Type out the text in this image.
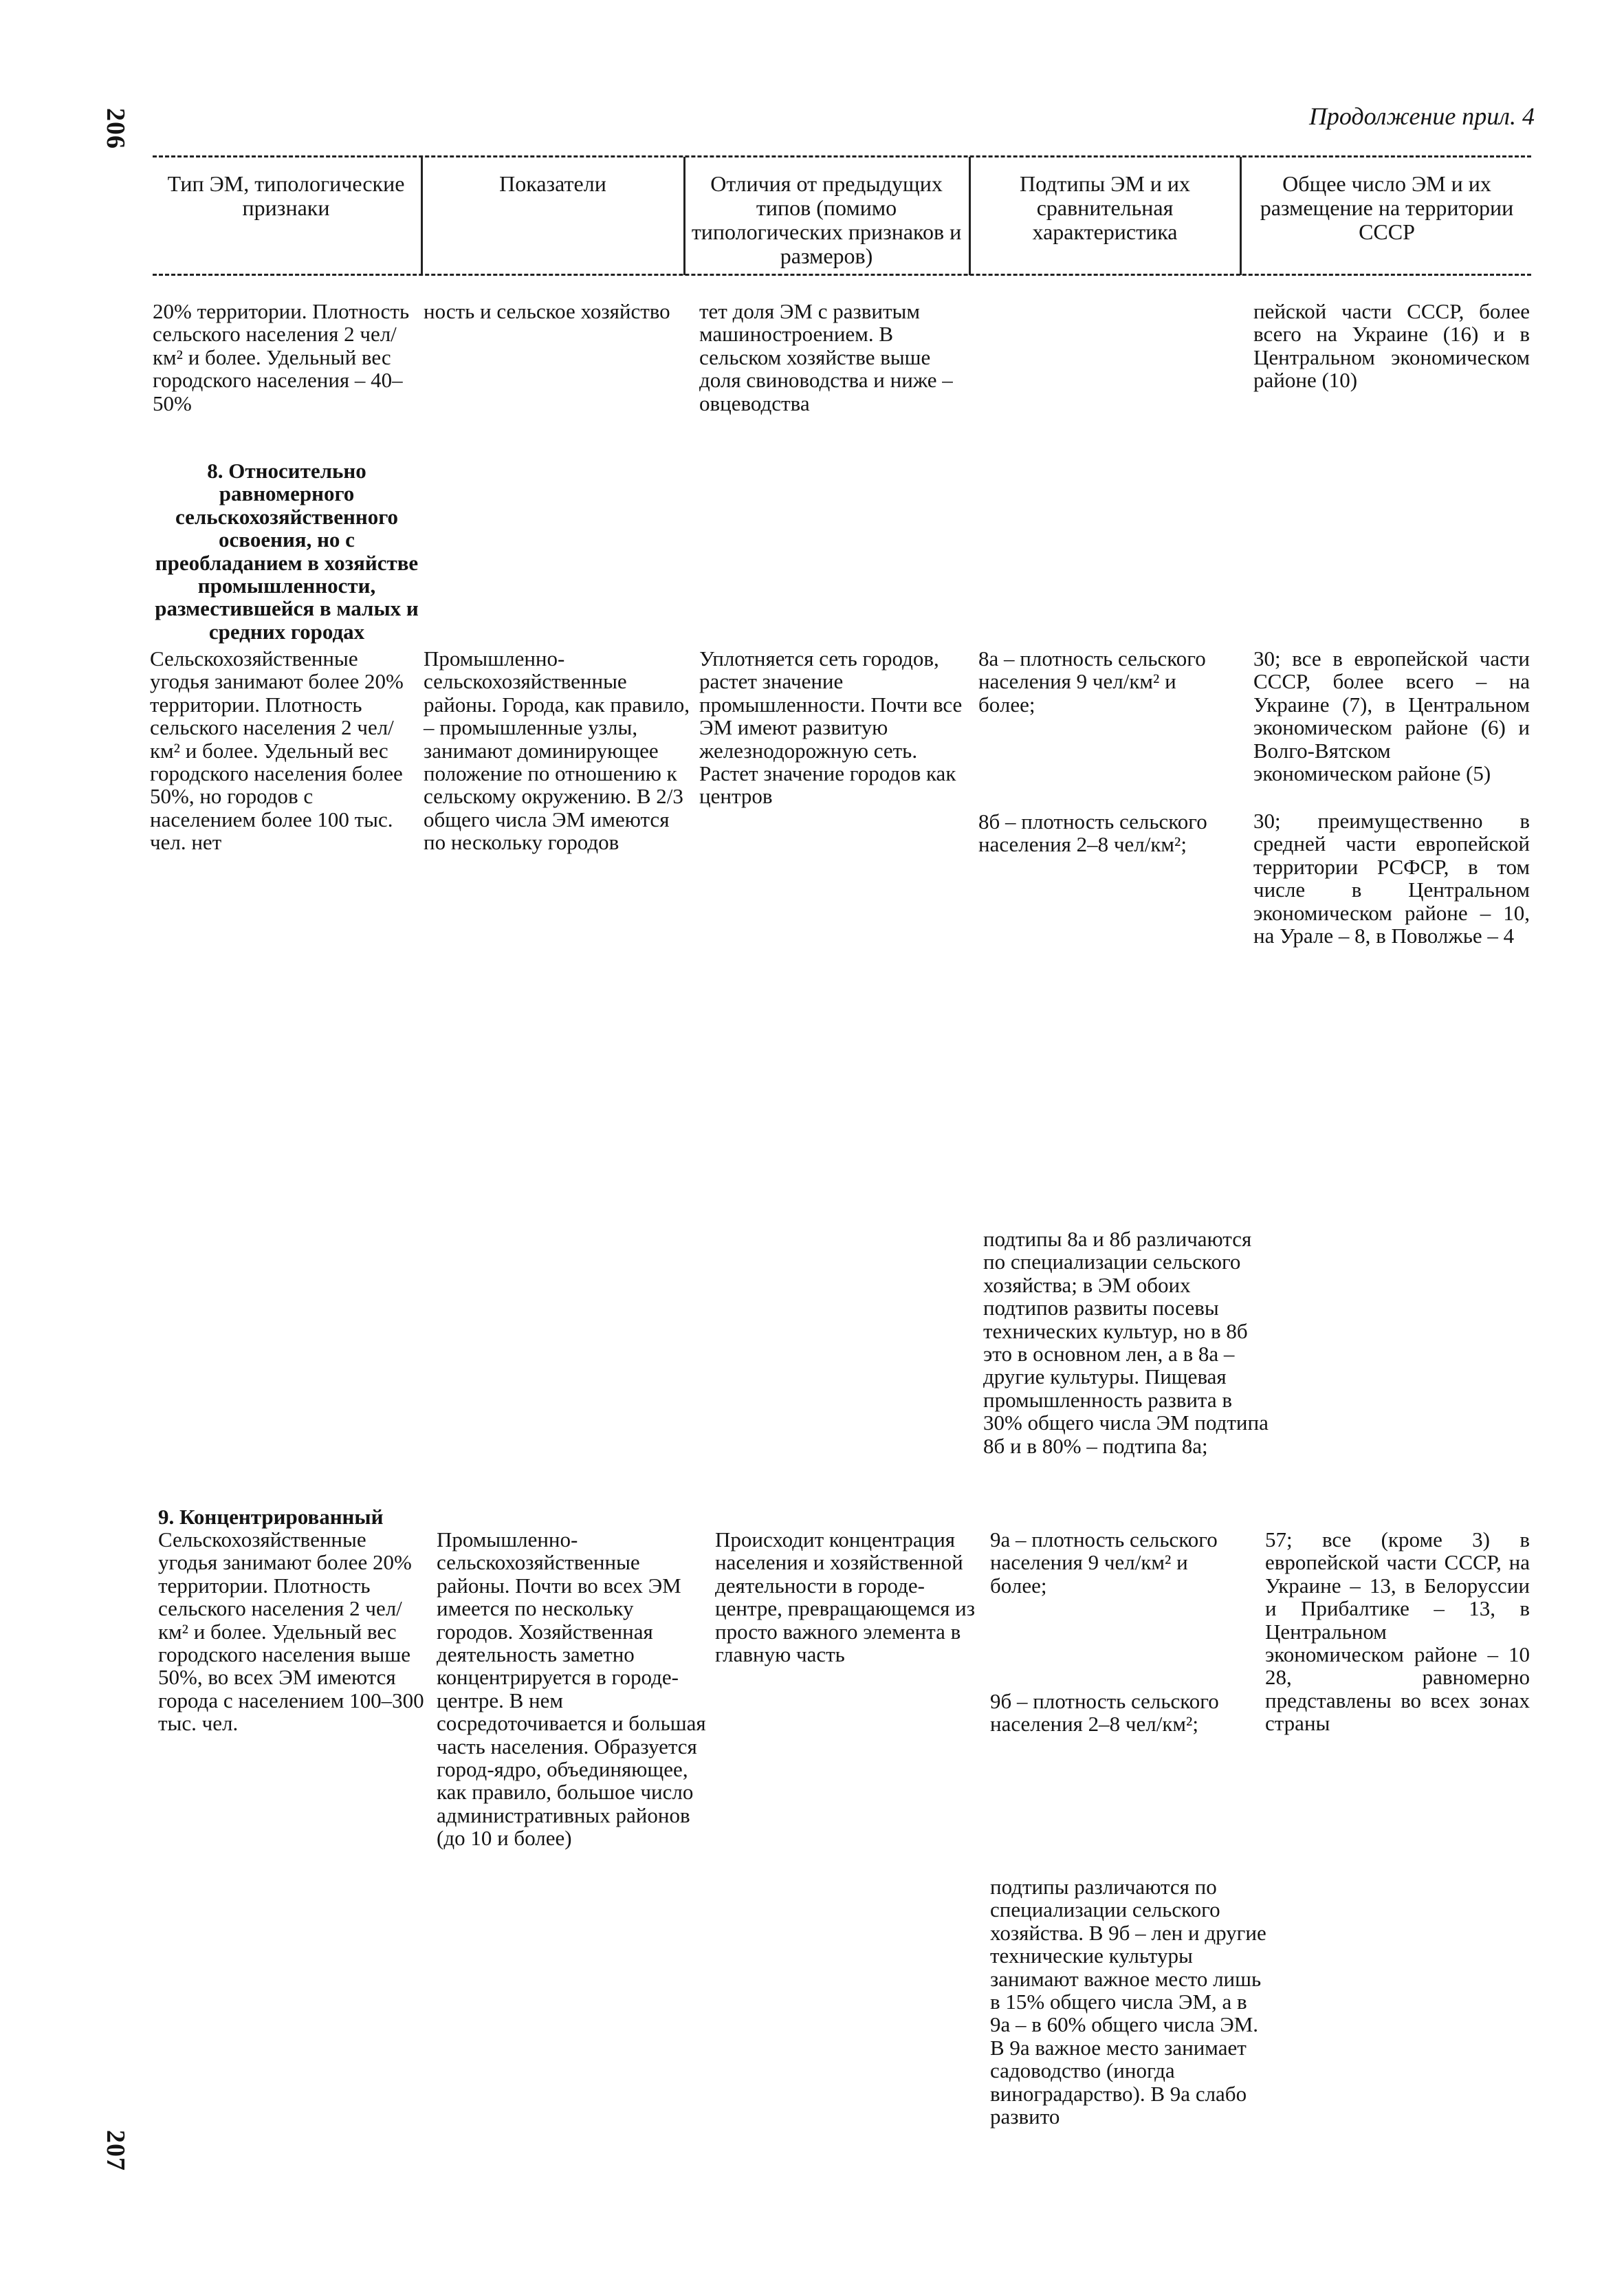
206
207
Продолжение прил. 4
Тип ЭМ, типологические признаки
Показатели	Отличия от предыдущих типов (помимо типологических признаков и размеров)
Подтипы ЭМ и их сравнительная характеристика
Общее число ЭМ и их размещение на территории СССР
20% территории. Плотность сельского населения 2 чел/км² и более. Удельный вес городского населения – 40–50%
ность и сельское хозяйство	тет доля ЭМ с развитым машиностроением. В сельском хозяйстве выше доля свиноводства и ниже – овцеводства
пейской части СССР, более всего на Украине (16) и в Центральном экономическом районе (10)
8. Относительно равномерного сельскохозяйственного освоения, но с преобладанием в хозяйстве промышленности, разместившейся в малых и средних городах
Сельскохозяйственные угодья занимают более 20% территории. Плотность сельского населения 2 чел/км² и более. Удельный вес городского населения более 50%, но городов с населением более 100 тыс. чел. нет
Промышленно-сельскохозяйственные районы. Города, как правило, – промышленные узлы, занимают доминирующее положение по отношению к сельскому окружению. В 2/3 общего числа ЭМ имеются по нескольку городов
Уплотняется сеть городов, растет значение промышленности. Почти все ЭМ имеют развитую железнодорожную сеть. Растет значение городов как центров
8а – плотность сельского населения 9 чел/км² и более;
8б – плотность сельского населения 2–8 чел/км²;
30; все в европейской части СССР, более всего – на Украине (7), в Центральном экономическом районе (6) и Волго-Вятском экономическом районе (5)
30; преимущественно в средней части европейской территории РСФСР, в том числе в Центральном экономическом районе – 10, на Урале – 8, в Поволжье – 4
подтипы 8а и 8б различаются по специализации сельского хозяйства; в ЭМ обоих подтипов развиты посевы технических культур, но в 8б это в основном лен, а в 8а – другие культуры. Пищевая промышленность развита в 30% общего числа ЭМ подтипа 8б и в 80% – подтипа 8а;
9. Концентрированный
Сельскохозяйственные угодья занимают более 20% территории. Плотность сельского населения 2 чел/км² и более. Удельный вес городского населения выше 50%, во всех ЭМ имеются города с населением 100–300 тыс. чел.
Промышленно-сельскохозяйственные районы. Почти во всех ЭМ имеется по нескольку городов. Хозяйственная деятельность заметно концентрируется в городе-центре. В нем сосредоточивается и большая часть населения. Образуется город-ядро, объединяющее, как правило, большое число административных районов (до 10 и более)
Происходит концентрация населения и хозяйственной деятельности в городе-центре, превращающемся из просто важного элемента в главную часть
9а – плотность сельского населения 9 чел/км² и более;
9б – плотность сельского населения 2–8 чел/км²;
57; все (кроме 3) в европейской части СССР, на Украине – 13, в Белоруссии и Прибалтике – 13, в Центральном экономическом районе – 10 28, равномерно представлены во всех зонах страны
подтипы различаются по специализации сельского хозяйства. В 9б – лен и другие технические культуры занимают важное место лишь в 15% общего числа ЭМ, а в 9а – в 60% общего числа ЭМ. В 9а важное место занимает садоводство (иногда виноградарство). В 9а слабо развито
